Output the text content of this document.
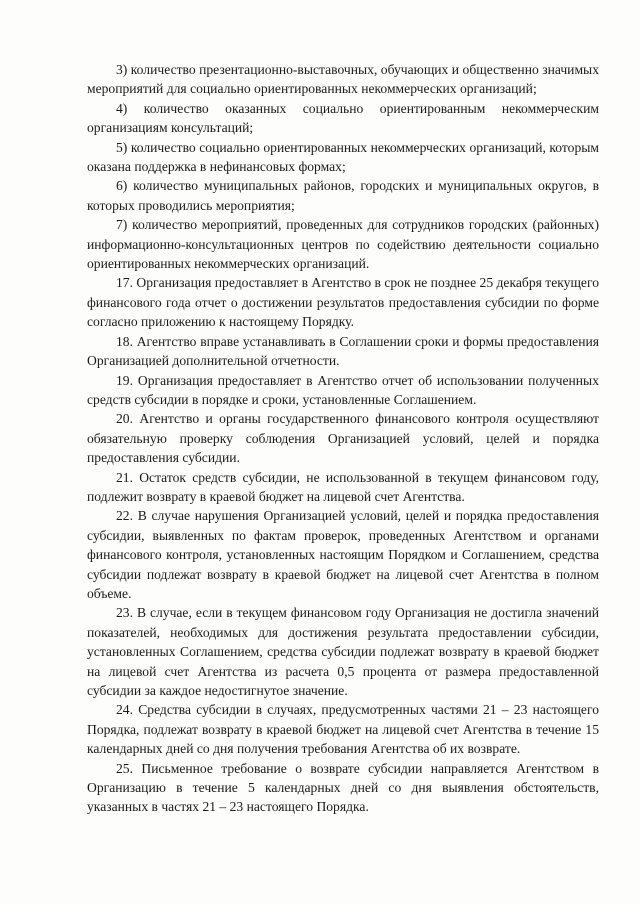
3) количество презентационно-выставочных, обучающих и общественно значимых мероприятий для социально ориентированных некоммерческих организаций;

4) количество оказанных социально ориентированным некоммерческим организациям консультаций;

5) количество социально ориентированных некоммерческих организаций, которым оказана поддержка в нефинансовых формах;

6) количество муниципальных районов, городских и муниципальных округов, в которых проводились мероприятия;

7) количество мероприятий, проведенных для сотрудников городских (районных) информационно-консультационных центров по содействию деятельности социально ориентированных некоммерческих организаций.

17. Организация предоставляет в Агентство в срок не позднее 25 декабря текущего финансового года отчет о достижении результатов предоставления субсидии по форме согласно приложению к настоящему Порядку.

18. Агентство вправе устанавливать в Соглашении сроки и формы предоставления Организацией дополнительной отчетности.

19. Организация предоставляет в Агентство отчет об использовании полученных средств субсидии в порядке и сроки, установленные Соглашением.

20. Агентство и органы государственного финансового контроля осуществляют обязательную проверку соблюдения Организацией условий, целей и порядка предоставления субсидии.

21. Остаток средств субсидии, не использованной в текущем финансовом году, подлежит возврату в краевой бюджет на лицевой счет Агентства.

22. В случае нарушения Организацией условий, целей и порядка предоставления субсидии, выявленных по фактам проверок, проведенных Агентством и органами финансового контроля, установленных настоящим Порядком и Соглашением, средства субсидии подлежат возврату в краевой бюджет на лицевой счет Агентства в полном объеме.

23. В случае, если в текущем финансовом году Организация не достигла значений показателей, необходимых для достижения результата предоставлении субсидии, установленных Соглашением, средства субсидии подлежат возврату в краевой бюджет на лицевой счет Агентства из расчета 0,5 процента от размера предоставленной субсидии за каждое недостигнутое значение.

24. Средства субсидии в случаях, предусмотренных частями 21 – 23 настоящего Порядка, подлежат возврату в краевой бюджет на лицевой счет Агентства в течение 15 календарных дней со дня получения требования Агентства об их возврате.

25. Письменное требование о возврате субсидии направляется Агентством в Организацию в течение 5 календарных дней со дня выявления обстоятельств, указанных в частях 21 – 23 настоящего Порядка.
